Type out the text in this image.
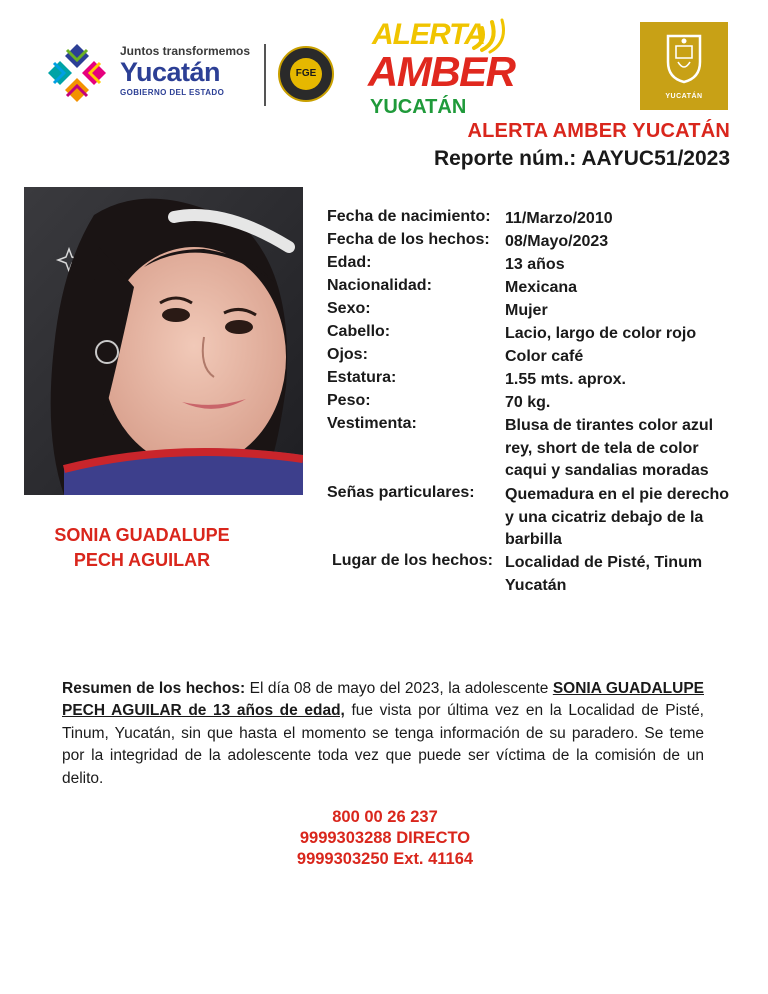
Juntos transformemos
Yucatán
GOBIERNO DEL ESTADO
FGE
ALERTA
AMBER
YUCATÁN	YUCATÁN
ALERTA AMBER YUCATÁN
Reporte núm.: AAYUC51/2023
SONIA GUADALUPE
PECH AGUILAR
Fecha de nacimiento: 11/Marzo/2010
Fecha de los hechos: 08/Mayo/2023
Edad:	13 años
Nacionalidad:	Mexicana
Sexo:	Mujer
Cabello:	Lacio, largo de color rojo
Ojos:	Color café
Estatura:	1.55 mts. aprox.
Peso:	70 kg.
Vestimenta:	Blusa de tirantes color azul rey, short de tela de color caqui y sandalias moradas
Señas particulares: Quemadura en el pie derecho y una cicatriz debajo de la barbilla
Lugar de los hechos: Localidad de Pisté, Tinum Yucatán
Resumen de los hechos: El día 08 de mayo del 2023, la adolescente SONIA GUADALUPE PECH AGUILAR de 13 años de edad, fue vista por última vez en la Localidad de Pisté, Tinum, Yucatán, sin que hasta el momento se tenga información de su paradero. Se teme por la integridad de la adolescente toda vez que puede ser víctima de la comisión de un delito.
800 00 26 237
9999303288 DIRECTO
9999303250 Ext. 41164
